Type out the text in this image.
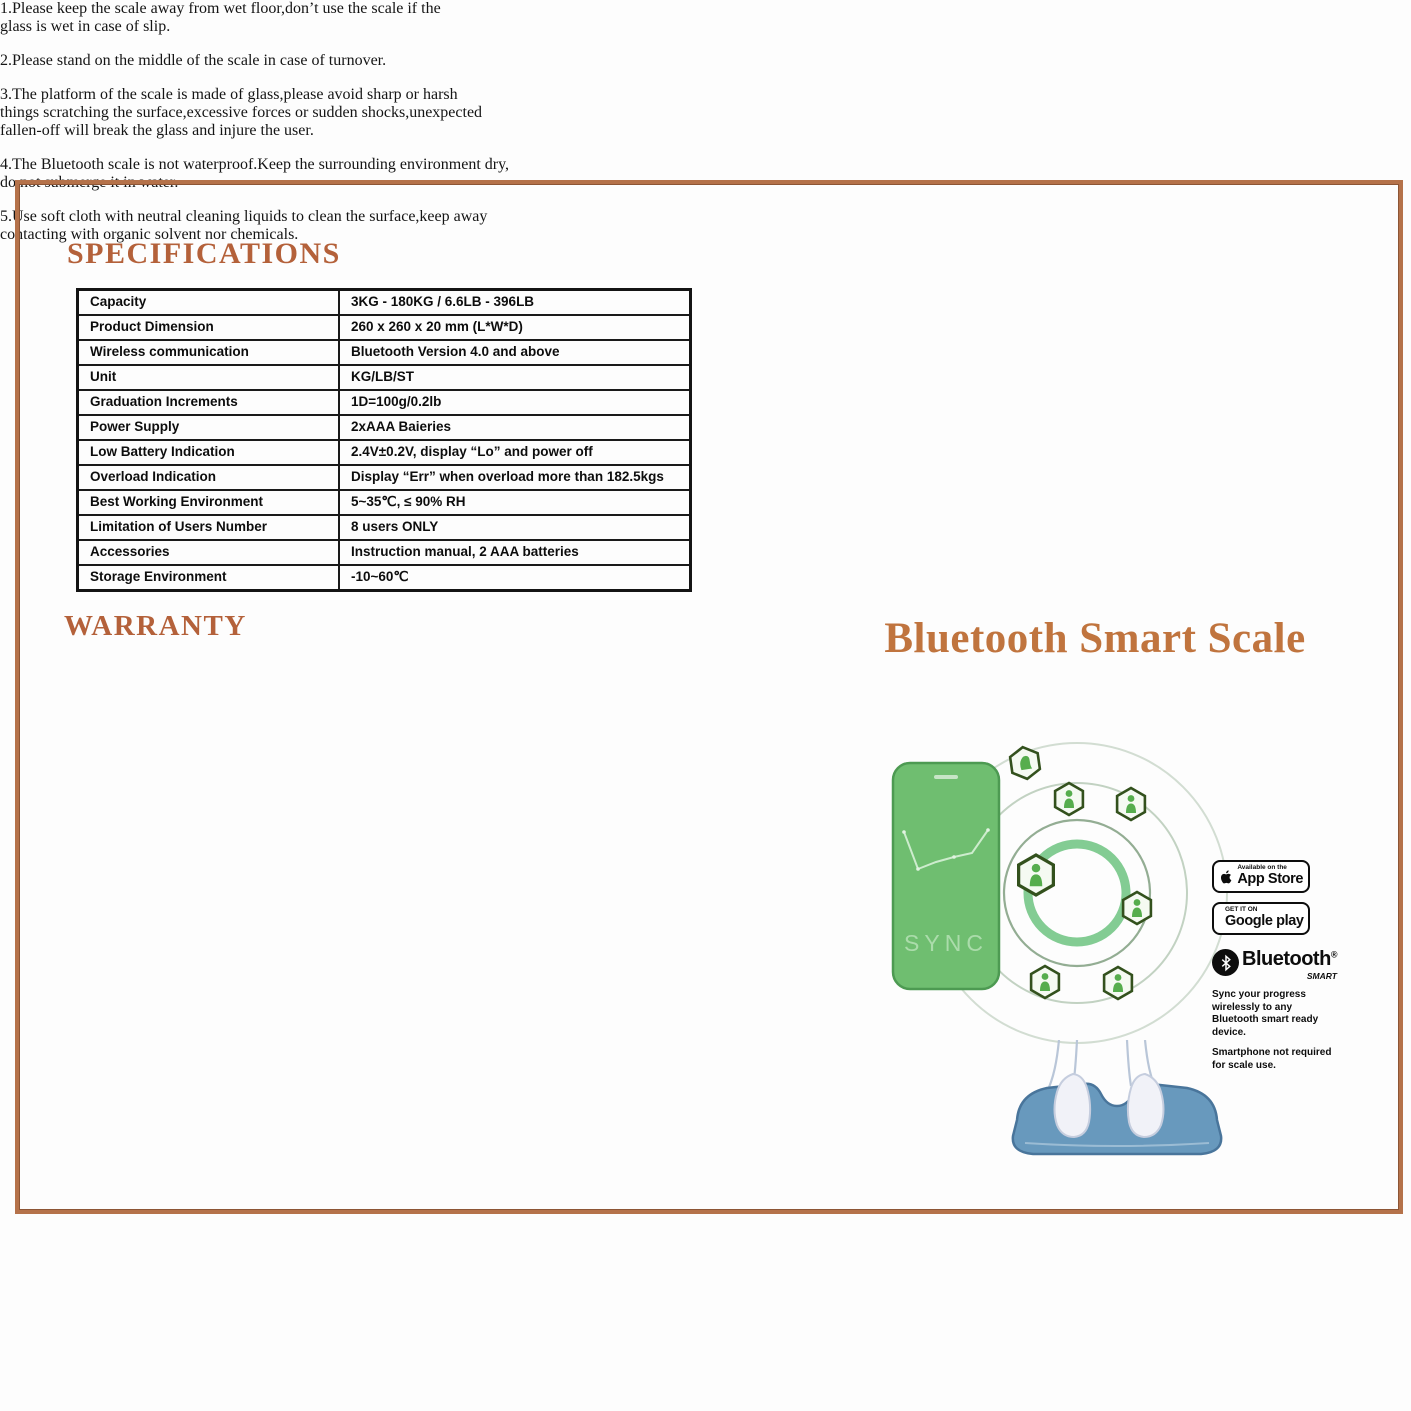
SPECIFICATIONS
Capacity	3KG - 180KG / 6.6LB - 396LB
Product Dimension	260 x 260 x 20 mm (L*W*D)
Wireless communication	Bluetooth Version 4.0 and above
Unit	KG/LB/ST
Graduation Increments	1D=100g/0.2lb
Power Supply	2xAAA Baieries
Low Battery Indication	2.4V±0.2V, display “Lo” and power off
Overload Indication	Display “Err” when overload more than 182.5kgs
Best Working Environment	5~35℃, ≤ 90% RH
Limitation of Users Number	8 users ONLY
Accessories	Instruction manual, 2 AAA batteries
Storage Environment	-10~60℃
WARRANTY

1.Please keep the scale away from wet floor,don’t use the scale if the
glass is wet in case of slip.

2.Please stand on the middle of the scale in case of turnover.

3.The platform of the scale is made of glass,please avoid sharp or harsh
things scratching the surface,excessive forces or sudden shocks,unexpected
fallen-off will break the glass and injure the user.

4.The Bluetooth scale is not waterproof.Keep the surrounding environment dry,
do not submerge it in water.

5.Use soft cloth with neutral cleaning liquids to clean the surface,keep away
contacting with organic solvent nor chemicals.

Bluetooth Smart Scale
SYNC
Available on the
App Store
GET IT ON
Google play
Bluetooth®
SMART

Sync your progress wirelessly to any Bluetooth smart ready device.

Smartphone not required for scale use.
